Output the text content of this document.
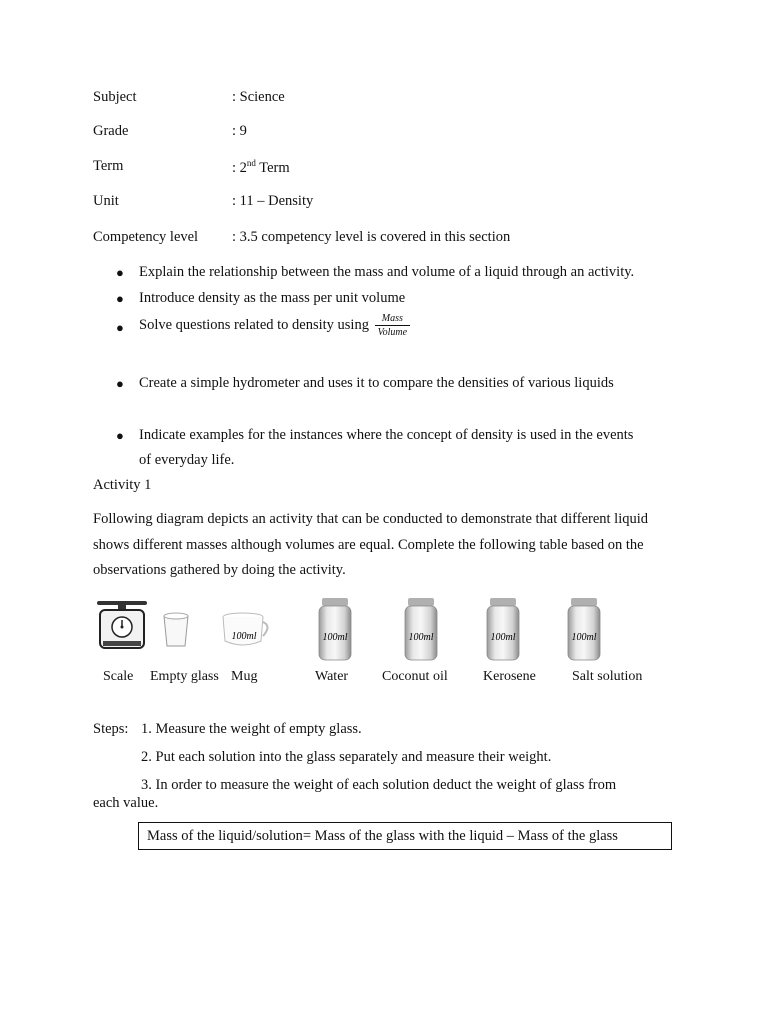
Subject	: Science
Grade	: 9
Term	: 2nd Term
Unit	: 11 – Density
Competency level : 3.5 competency level is covered in this section
● Explain the relationship between the mass and volume of a liquid through an activity.
● Introduce density as the mass per unit volume
● Solve questions related to density using $\frac{\text{Mass}}{\text{Volume}}$
● Create a simple hydrometer and uses it to compare the densities of various liquids
● Indicate examples for the instances where the concept of density is used in the events
of everyday life.
Activity 1
Following diagram depicts an activity that can be conducted to demonstrate that different liquid
shows different masses although volumes are equal. Complete the following table based on the
observations gathered by doing the activity.
100ml	100ml	100ml	100ml	100ml
Scale Empty glass Mug	Water Coconut oil	Kerosene	Salt solution
Steps: 1. Measure the weight of empty glass.
2. Put each solution into the glass separately and measure their weight.
3. In order to measure the weight of each solution deduct the weight of glass from
each value.
Mass of the liquid/solution= Mass of the glass with the liquid – Mass of the glass
